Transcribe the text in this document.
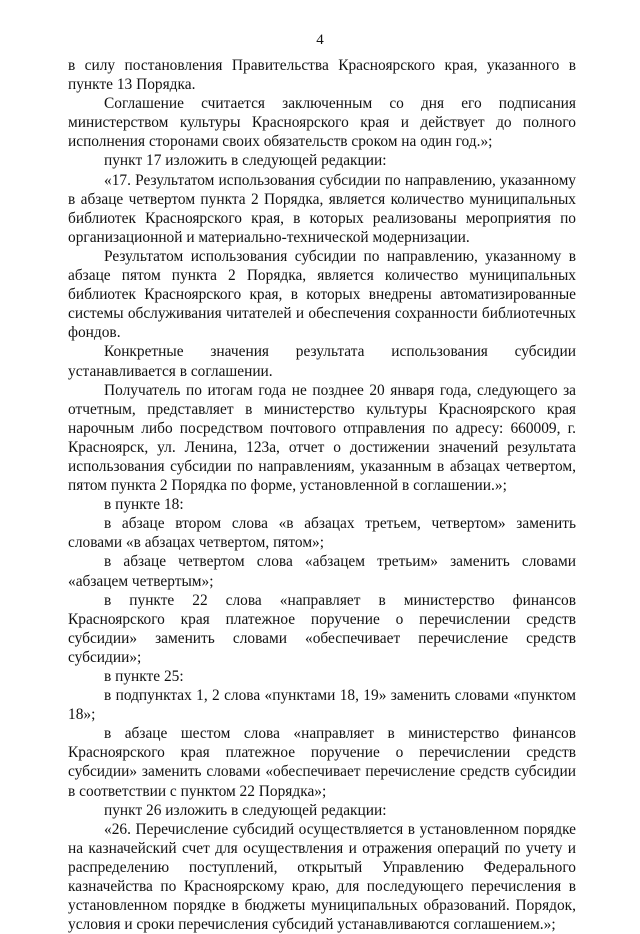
4

в силу постановления Правительства Красноярского края, указанного в пункте 13 Порядка.

Соглашение считается заключенным со дня его подписания министерством культуры Красноярского края и действует до полного исполнения сторонами своих обязательств сроком на один год.»;

пункт 17 изложить в следующей редакции:

«17. Результатом использования субсидии по направлению, указанному в абзаце четвертом пункта 2 Порядка, является количество муниципальных библиотек Красноярского края, в которых реализованы мероприятия по организационной и материально-технической модернизации.

Результатом использования субсидии по направлению, указанному в абзаце пятом пункта 2 Порядка, является количество муниципальных библиотек Красноярского края, в которых внедрены автоматизированные системы обслуживания читателей и обеспечения сохранности библиотечных фондов.

Конкретные значения результата использования субсидии устанавливается в соглашении.

Получатель по итогам года не позднее 20 января года, следующего за отчетным, представляет в министерство культуры Красноярского края нарочным либо посредством почтового отправления по адресу: 660009, г. Красноярск, ул. Ленина, 123а, отчет о достижении значений результата использования субсидии по направлениям, указанным в абзацах четвертом, пятом пункта 2 Порядка по форме, установленной в соглашении.»;

в пункте 18:

в абзаце втором слова «в абзацах третьем, четвертом» заменить словами «в абзацах четвертом, пятом»;

в абзаце четвертом слова «абзацем третьим» заменить словами «абзацем четвертым»;

в пункте 22 слова «направляет в министерство финансов Красноярского края платежное поручение о перечислении средств субсидии» заменить словами «обеспечивает перечисление средств субсидии»;

в пункте 25:

в подпунктах 1, 2 слова «пунктами 18, 19» заменить словами «пунктом 18»;

в абзаце шестом слова «направляет в министерство финансов Красноярского края платежное поручение о перечислении средств субсидии» заменить словами «обеспечивает перечисление средств субсидии в соответствии с пунктом 22 Порядка»;

пункт 26 изложить в следующей редакции:

«26. Перечисление субсидий осуществляется в установленном порядке на казначейский счет для осуществления и отражения операций по учету и распределению поступлений, открытый Управлению Федерального казначейства по Красноярскому краю, для последующего перечисления в установленном порядке в бюджеты муниципальных образований. Порядок, условия и сроки перечисления субсидий устанавливаются соглашением.»;
